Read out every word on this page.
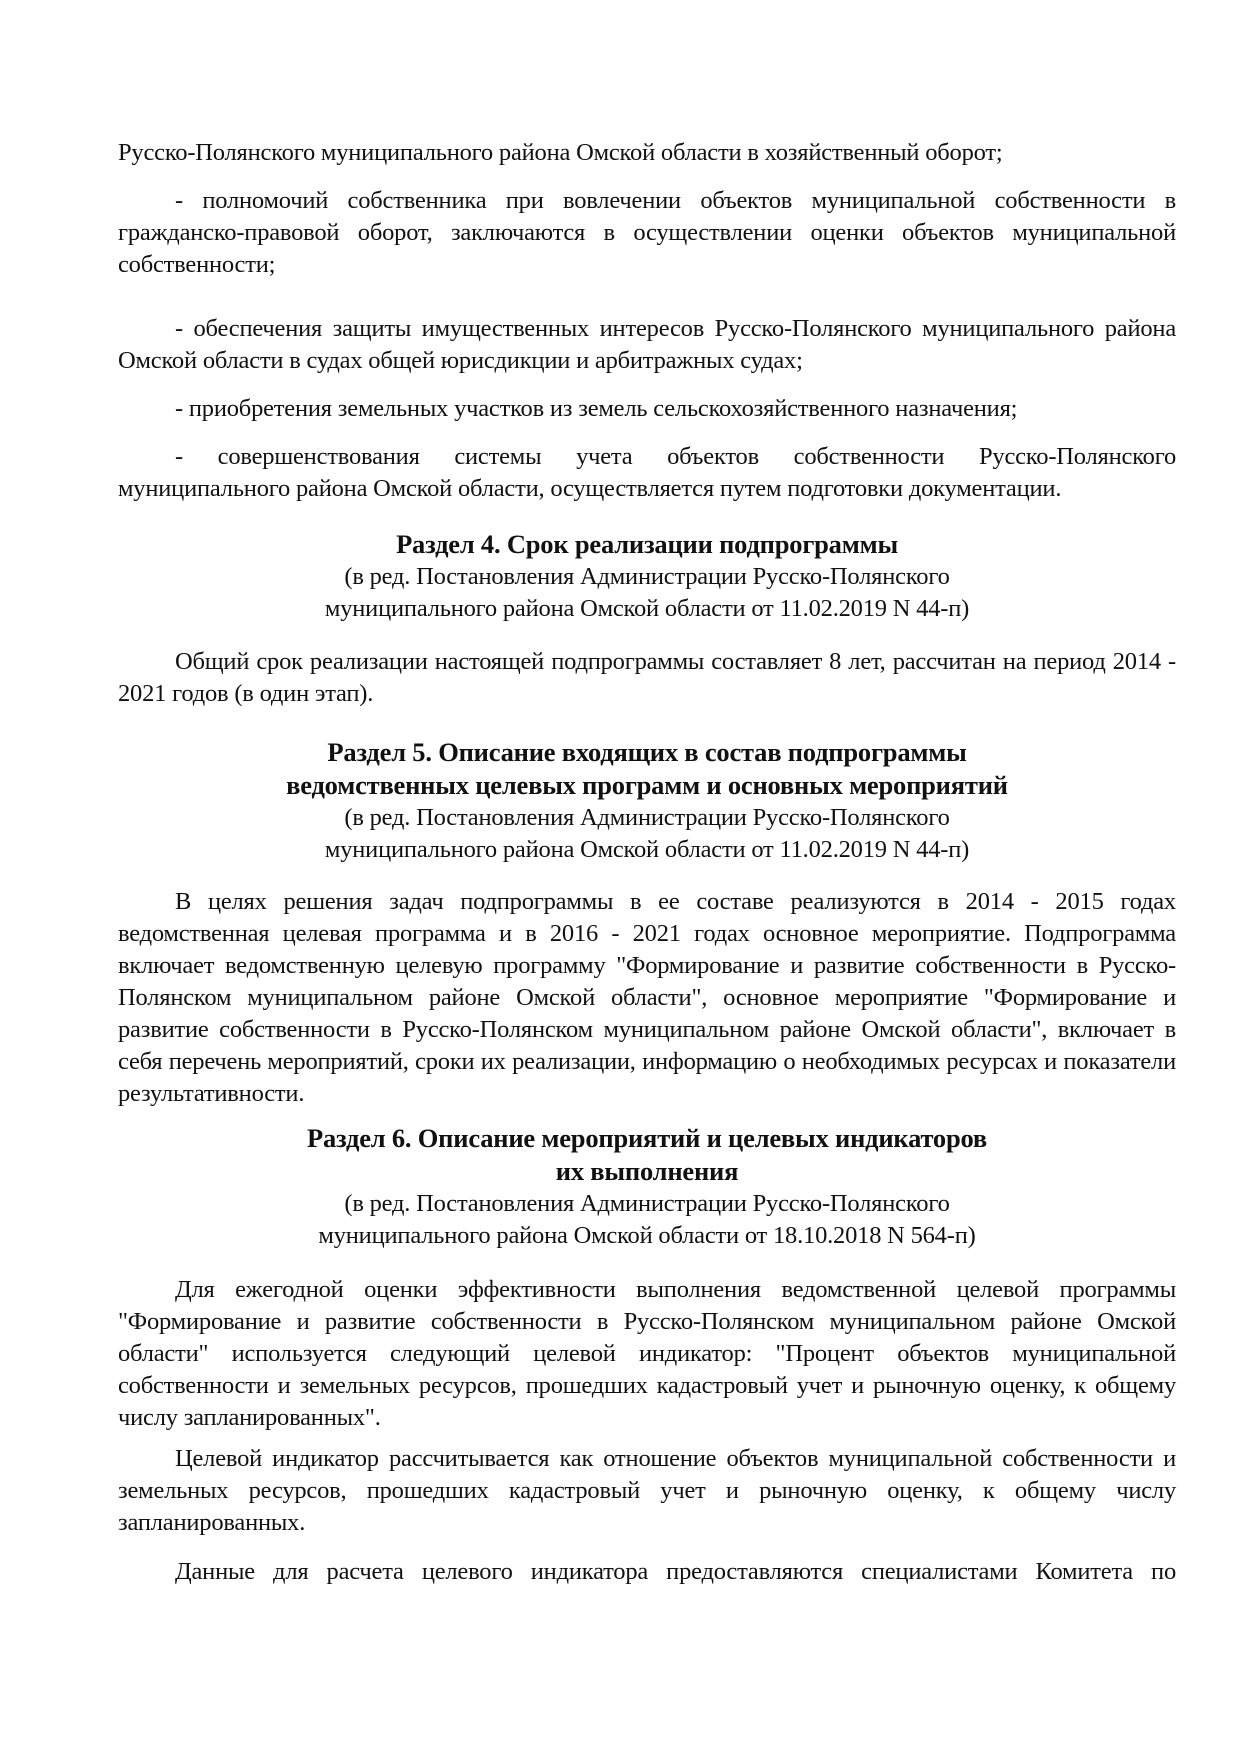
Русско-Полянского муниципального района Омской области в хозяйственный оборот;

- полномочий собственника при вовлечении объектов муниципальной собственности в гражданско-правовой оборот, заключаются в осуществлении оценки объектов муниципальной собственности;

- обеспечения защиты имущественных интересов Русско-Полянского муниципального района Омской области в судах общей юрисдикции и арбитражных судах;

- приобретения земельных участков из земель сельскохозяйственного назначения;

- совершенствования системы учета объектов собственности Русско-Полянского муниципального района Омской области, осуществляется путем подготовки документации.

Раздел 4. Срок реализации подпрограммы

(в ред. Постановления Администрации Русско-Полянского

муниципального района Омской области от 11.02.2019 N 44-п)

Общий срок реализации настоящей подпрограммы составляет 8 лет, рассчитан на период 2014 - 2021 годов (в один этап).

Раздел 5. Описание входящих в состав подпрограммы

ведомственных целевых программ и основных мероприятий

(в ред. Постановления Администрации Русско-Полянского

муниципального района Омской области от 11.02.2019 N 44-п)

В целях решения задач подпрограммы в ее составе реализуются в 2014 - 2015 годах ведомственная целевая программа и в 2016 - 2021 годах основное мероприятие. Подпрограмма включает ведомственную целевую программу "Формирование и развитие собственности в Русско-Полянском муниципальном районе Омской области", основное мероприятие "Формирование и развитие собственности в Русско-Полянском муниципальном районе Омской области", включает в себя перечень мероприятий, сроки их реализации, информацию о необходимых ресурсах и показатели результативности.

Раздел 6. Описание мероприятий и целевых индикаторов

их выполнения

(в ред. Постановления Администрации Русско-Полянского

муниципального района Омской области от 18.10.2018 N 564-п)

Для ежегодной оценки эффективности выполнения ведомственной целевой программы "Формирование и развитие собственности в Русско-Полянском муниципальном районе Омской области" используется следующий целевой индикатор: "Процент объектов муниципальной собственности и земельных ресурсов, прошедших кадастровый учет и рыночную оценку, к общему числу запланированных".

Целевой индикатор рассчитывается как отношение объектов муниципальной собственности и земельных ресурсов, прошедших кадастровый учет и рыночную оценку, к общему числу запланированных.

Данные для расчета целевого индикатора предоставляются специалистами Комитета по
